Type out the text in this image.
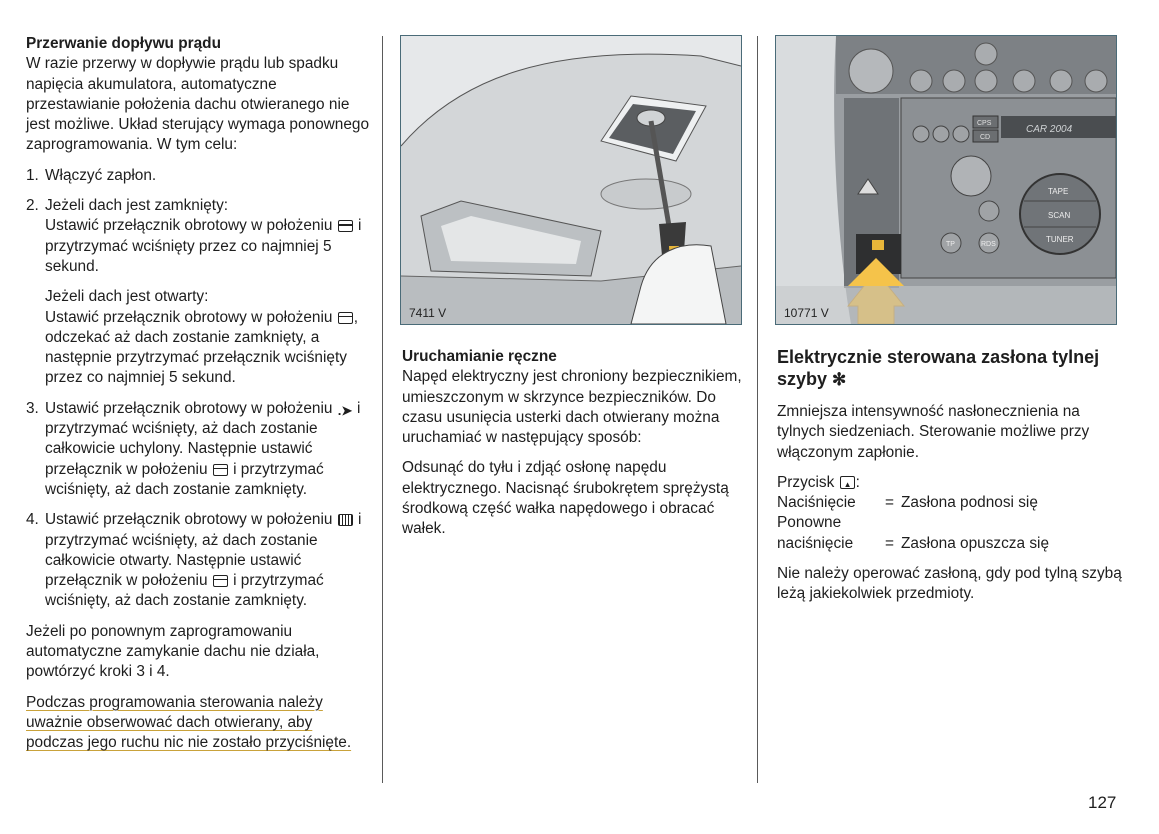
Przerwanie dopływu prądu

W razie przerwy w dopływie prądu lub spadku napięcia akumulatora, automatyczne przestawianie położenia dachu otwieranego nie jest możliwe. Układ sterujący wymaga ponownego zaprogramowania. W tym celu:

1. Włączyć zapłon.
2. Jeżeli dach jest zamknięty:

Ustawić przełącznik obrotowy w położeniu i przytrzymać wciśnięty przez co najmniej 5 sekund.

Jeżeli dach jest otwarty:

Ustawić przełącznik obrotowy w położeniu , odczekać aż dach zostanie zamknięty, a następnie przytrzymać przełącznik wciśnięty przez co najmniej 5 sekund.

3. Ustawić przełącznik obrotowy w położeniu .➤ i przytrzymać wciśnięty, aż dach zostanie całkowicie uchylony. Następnie ustawić przełącznik w położeniu i przytrzymać wciśnięty, aż dach zostanie zamknięty.

4. Ustawić przełącznik obrotowy w położeniu i przytrzymać wciśnięty, aż dach zostanie całkowicie otwarty. Następnie ustawić przełącznik w położeniu i przytrzymać wciśnięty, aż dach zostanie zamknięty.

Jeżeli po ponownym zaprogramowaniu automatyczne zamykanie dachu nie działa, powtórzyć kroki 3 i 4.

Podczas programowania sterowania należy uważnie obserwować dach otwierany, aby podczas jego ruchu nic nie zostało przyciśnięte.

7411 V
CAR 2004
CPS
CD
TAPE
SCAN
TUNER
TP	RDS
10771 V
Uruchamianie ręczne

Napęd elektryczny jest chroniony bezpiecznikiem, umieszczonym w skrzynce bezpieczników. Do czasu usunięcia usterki dach otwierany można uruchamiać w następujący sposób:

Odsunąć do tyłu i zdjąć osłonę napędu elektrycznego. Nacisnąć śrubokrętem sprężystą środkową część wałka napędowego i obracać wałek.

Elektrycznie sterowana zasłona tylnej szyby ✻

Zmniejsza intensywność nasłonecznienia na tylnych siedzeniach. Sterowanie możliwe przy włączonym zapłonie.

Przycisk ▲ :
Naciśnięcie	= Zasłona podnosi się
Ponowne
naciśnięcie	= Zasłona opuszcza się

Nie należy operować zasłoną, gdy pod tylną szybą leżą jakiekolwiek przedmioty.

127
